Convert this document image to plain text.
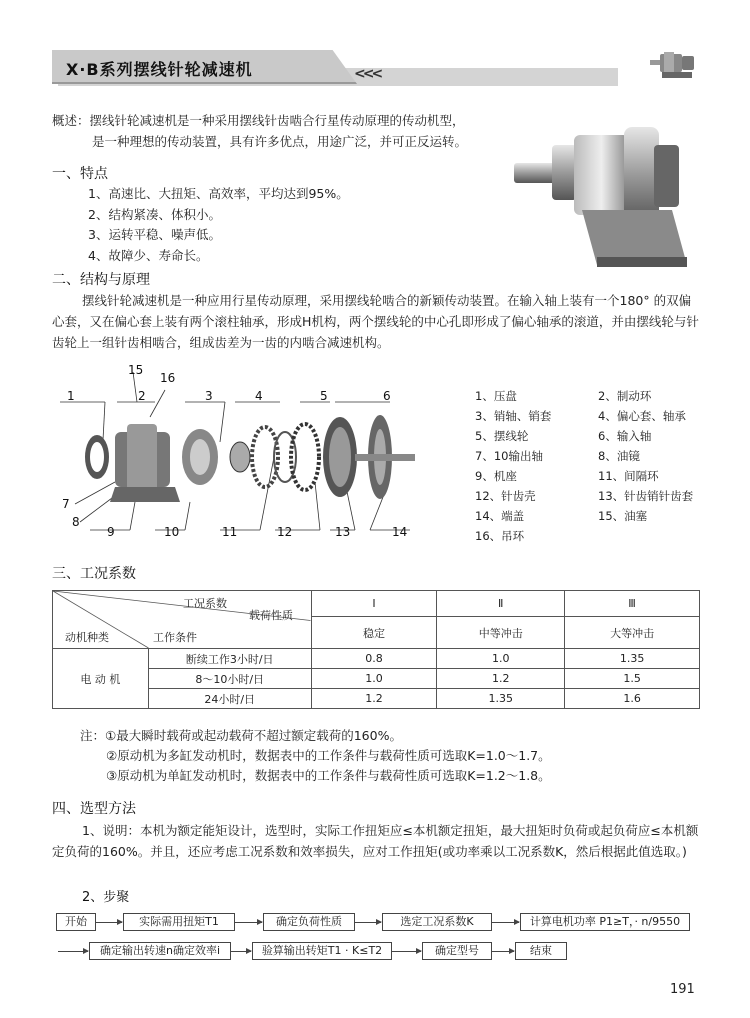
X·B系列摆线针轮减速机	<<<
概述：摆线针轮减速机是一种采用摆线针齿啮合行星传动原理的传动机型，
是一种理想的传动装置，具有许多优点，用途广泛，并可正反运转。
一、特点
1、高速比、大扭矩、高效率，平均达到95%。
2、结构紧凑、体积小。
3、运转平稳、噪声低。
4、故障少、寿命长。
二、结构与原理
摆线针轮减速机是一种应用行星传动原理，采用摆线轮啮合的新颖传动装置。在输入轴上装有一个180° 的双偏心套，又在偏心套上装有两个滚柱轴承，形成H机构，两个摆线轮的中心孔即形成了偏心轴承的滚道，并由摆线轮与针齿轮上一组针齿相啮合，组成齿差为一齿的内啮合减速机构。
1
15
16
2	3	4	5	6
7
8
9	10	11	12	13	14
1、压盘	2、制动环
3、销轴、销套	4、偏心套、轴承
5、摆线轮	6、输入轴
7、10输出轴	8、油镜
9、机座	11、间隔环
12、针齿壳	13、针齿销针齿套
14、端盖	15、油塞
16、吊环
三、工况系数
工况系数
载荷性质
动机种类 工作条件		Ⅰ	Ⅱ	Ⅲ
		稳定	中等冲击	大等冲击
电 动 机	断续工作3小时/日	0.8	1.0	1.35
	8～10小时/日	1.0	1.2	1.5
	24小时/日	1.2	1.35	1.6
注：①最大瞬时载荷或起动载荷不超过额定载荷的160%。
②原动机为多缸发动机时，数据表中的工作条件与载荷性质可选取K=1.0～1.7。
③原动机为单缸发动机时，数据表中的工作条件与载荷性质可选取K=1.2～1.8。
四、选型方法
1、说明：本机为额定能矩设计，选型时，实际工作扭矩应≤本机额定扭矩，最大扭矩时负荷或起负荷应≤本机额定负荷的160%。并且，还应考虑工况系数和效率损失，应对工作扭矩(或功率乘以工况系数K，然后根据此值选取。)
2、步聚
开始	实际需用扭矩T1	确定负荷性质	选定工况系数K	计算电机功率 P1≥T，· n/9550
确定输出转速n确定效率i	验算输出转矩T1 · K≤T2	确定型号	结束
191
